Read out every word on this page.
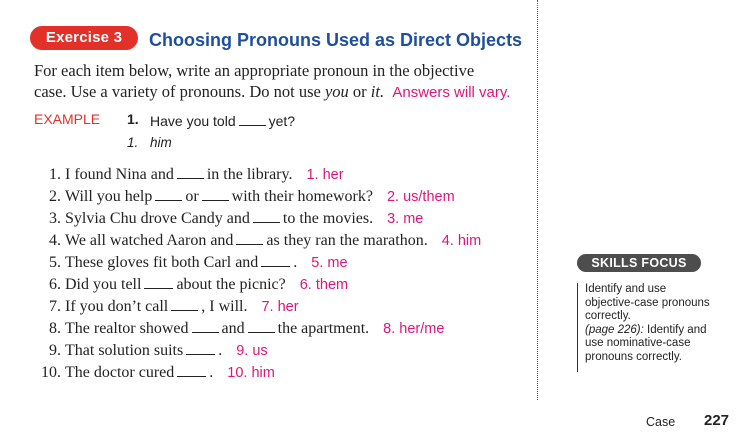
Exercise 3	Choosing Pronouns Used as Direct Objects
For each item below, write an appropriate pronoun in the objective
case. Use a variety of pronouns. Do not use you or it. Answers will vary.
EXAMPLE 1. Have you told yet?
1. him
1. I found Nina and in the library. 1. her
2. Will you help or with their homework? 2. us/them
3. Sylvia Chu drove Candy and to the movies. 3. me
4. We all watched Aaron and as they ran the marathon. 4. him
5. These gloves fit both Carl and . 5. me
6. Did you tell about the picnic? 6. them
7. If you don’t call , I will. 7. her
8. The realtor showed and the apartment. 8. her/me
9. That solution suits . 9. us
10. The doctor cured . 10. him
SKILLS FOCUS
Identify and use
objective-case pronouns
correctly.
(page 226): Identify and
use nominative-case
pronouns correctly.
Case 227
